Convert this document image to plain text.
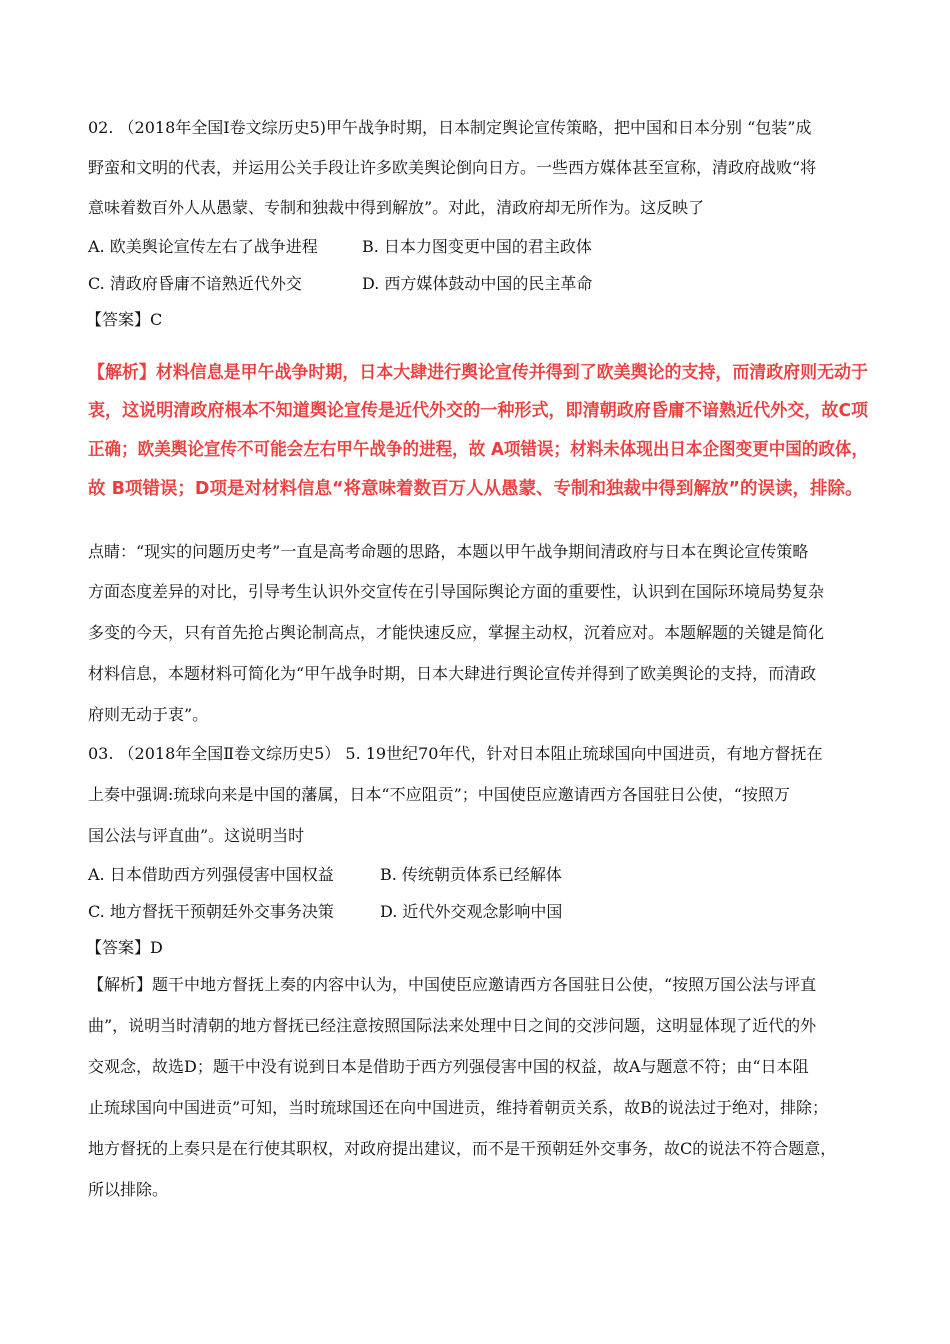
02. （2018年全国Ⅰ卷文综历史5)甲午战争时期，日本制定舆论宣传策略，把中国和日本分别 “包装”成
野蛮和文明的代表，并运用公关手段让许多欧美舆论倒向日方。一些西方媒体甚至宣称，清政府战败“将
意味着数百外人从愚蒙、专制和独裁中得到解放”。对此，清政府却无所作为。这反映了
A. 欧美舆论宣传左右了战争进程	B. 日本力图变更中国的君主政体
C. 清政府昏庸不谙熟近代外交	D. 西方媒体鼓动中国的民主革命
【答案】C
【解析】材料信息是甲午战争时期，日本大肆进行舆论宣传并得到了欧美舆论的支持，而清政府则无动于
衷，这说明清政府根本不知道舆论宣传是近代外交的一种形式，即清朝政府昏庸不谙熟近代外交，故C项
正确；欧美舆论宣传不可能会左右甲午战争的进程，故 A项错误；材料未体现出日本企图变更中国的政体，
故 B项错误；D项是对材料信息“将意味着数百万人从愚蒙、专制和独裁中得到解放”的误读，排除。
点睛：“现实的问题历史考”一直是高考命题的思路，本题以甲午战争期间清政府与日本在舆论宣传策略
方面态度差异的对比，引导考生认识外交宣传在引导国际舆论方面的重要性，认识到在国际环境局势复杂
多变的今天，只有首先抢占舆论制高点，才能快速反应，掌握主动权，沉着应对。本题解题的关键是简化
材料信息，本题材料可简化为“甲午战争时期，日本大肆进行舆论宣传并得到了欧美舆论的支持，而清政
府则无动于衷”。
03. （2018年全国Ⅱ卷文综历史5） 5. 19世纪70年代，针对日本阻止琉球国向中国进贡，有地方督抚在
上奏中强调:琉球向来是中国的藩属，日本“不应阻贡”；中国使臣应邀请西方各国驻日公使，“按照万
国公法与评直曲”。这说明当时
A. 日本借助西方列强侵害中国权益	B. 传统朝贡体系已经解体
C. 地方督抚干预朝廷外交事务决策	D. 近代外交观念影响中国
【答案】D
【解析】题干中地方督抚上奏的内容中认为，中国使臣应邀请西方各国驻日公使，“按照万国公法与评直
曲”，说明当时清朝的地方督抚已经注意按照国际法来处理中日之间的交涉问题，这明显体现了近代的外
交观念，故选D；题干中没有说到日本是借助于西方列强侵害中国的权益，故A与题意不符；由“日本阻
止琉球国向中国进贡”可知，当时琉球国还在向中国进贡，维持着朝贡关系，故B的说法过于绝对，排除；
地方督抚的上奏只是在行使其职权，对政府提出建议，而不是干预朝廷外交事务，故C的说法不符合题意，
所以排除。
